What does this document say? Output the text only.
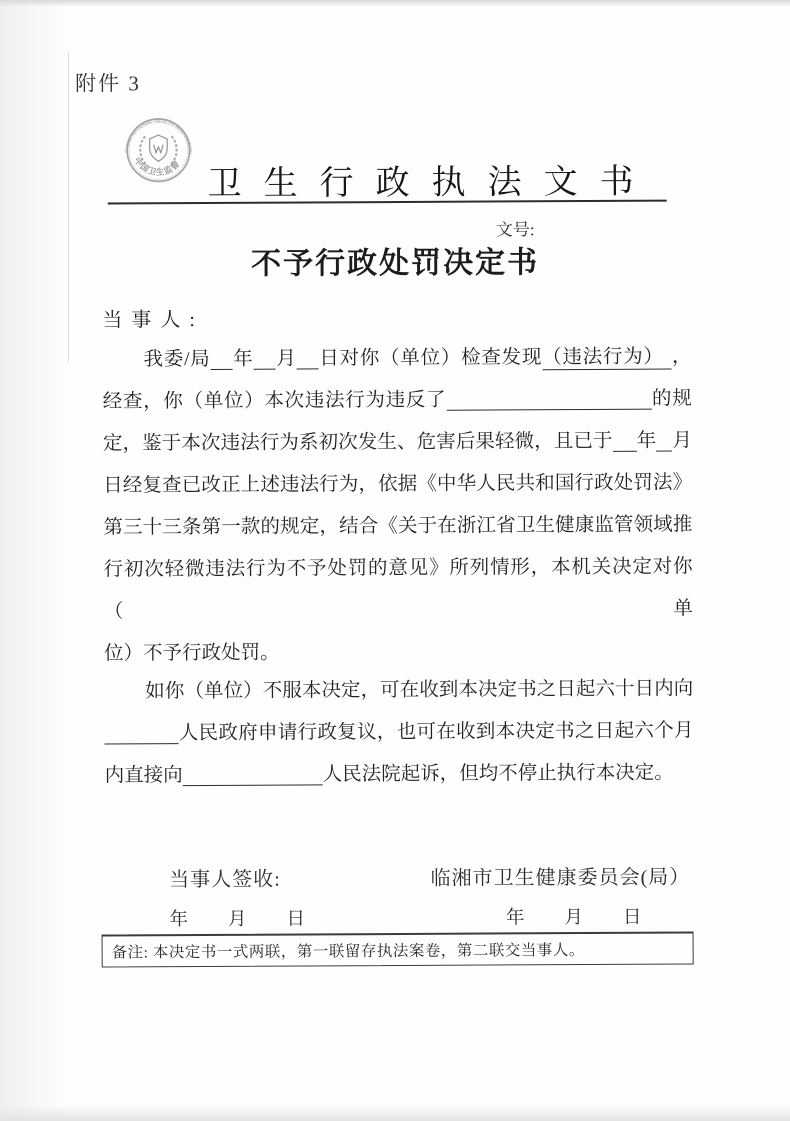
附件 3
CHINA NATIONAL HEALTH INSPECTION
中国卫生监督 卫生行政执法文书
文号:
不予行政处罚决定书
当事人:
我委/局 年 月 日对你（单位）检查发现（违法行为） ，
经查，你（单位）本次违法行为违反了	的规
定，鉴于本次违法行为系初次发生、危害后果轻微，且已于 年 月
日经复查已改正上述违法行为，依据《中华人民共和国行政处罚法》
第三十三条第一款的规定，结合《关于在浙江省卫生健康监管领域推
行初次轻微违法行为不予处罚的意见》所列情形，本机关决定对你（单
位）不予行政处罚。
如你（单位）不服本决定，可在收到本决定书之日起六十日内向
人民政府申请行政复议，也可在收到本决定书之日起六个月
内直接向	人民法院起诉，但均不停止执行本决定。
当事人签收:	临湘市卫生健康委员会(局）
年　　月　　日	年　　月　　日
备注: 本决定书一式两联，第一联留存执法案卷，第二联交当事人。
